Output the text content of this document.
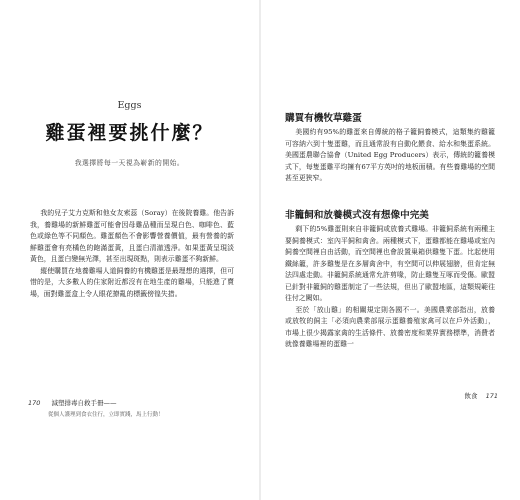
Eggs
雞蛋裡要挑什麼？
我選擇將每一天視為嶄新的開始。

我的兒子艾力克斯和他女友索蕊（Soray）在後院養雞。他告訴我，養雞場的新鮮雞蛋可能會因母雞品種而呈現白色、咖啡色、藍色或綠色等不同顏色。雞蛋顏色不會影響營養價值，最有營養的新鮮雞蛋會有亮橘色的飽滿蛋黃，且蛋白清澈透淨。如果蛋黃呈現淡黃色，且蛋白變無光澤，甚至出現斑點，則表示雞蛋不夠新鮮。

縱使購買在地養雞場人道飼養的有機雞蛋是最理想的選擇，但可惜的是，大多數人的住家附近都沒有在地生產的雞場，只能進了賣場，面對雞蛋盒上令人眼花撩亂的標籤傍徨失措。

170 減塑排毒自救手冊——
從個人護理到食衣住行，立即實踐，馬上行動！
購買有機牧草雞蛋

美國約有95%的雞蛋來自傳統的格子籠飼養模式，這類集約雞籠可容納六到十隻蛋雞，而且通常設有自動化餵食、給水和集蛋系統。美國蛋農聯合協會（United Egg Producers）表示，傳統的籠養模式下，每隻蛋雞平均擁有67平方英吋的地板面積。有些養雞場的空間甚至更狹窄。

非籠飼和放養模式沒有想像中完美

剩下的5%雞蛋則來自非籠飼或放養式雞場。非籠飼系統有兩種主要飼養模式：室內平飼和禽舍。兩種模式下，蛋雞都能在雞場或室內飼養空間裡自由活動，而空間裡也會設置巢箱供雞隻下蛋。比起使用鐵絲籠，許多雞隻是在多層禽舍中，有空間可以伸展翅膀，但肯定無法四處走動。非籠飼系統通常允許剪喙，防止雞隻互啄而受傷。歐盟已針對非籠飼的雞蛋制定了一些法規，但出了歐盟地區，這類規範往往付之闕如。

至於「放山雞」的相關規定則各國不一。美國農業部指出，放養或放牧的飼主「必須向農業部展示蛋雞養殖家禽可以在戶外活動」，市場上很少揭露家禽的生活條件、放養密度和業界實務標準，消費者就像養雞場裡的蛋雞一

飲食 171
